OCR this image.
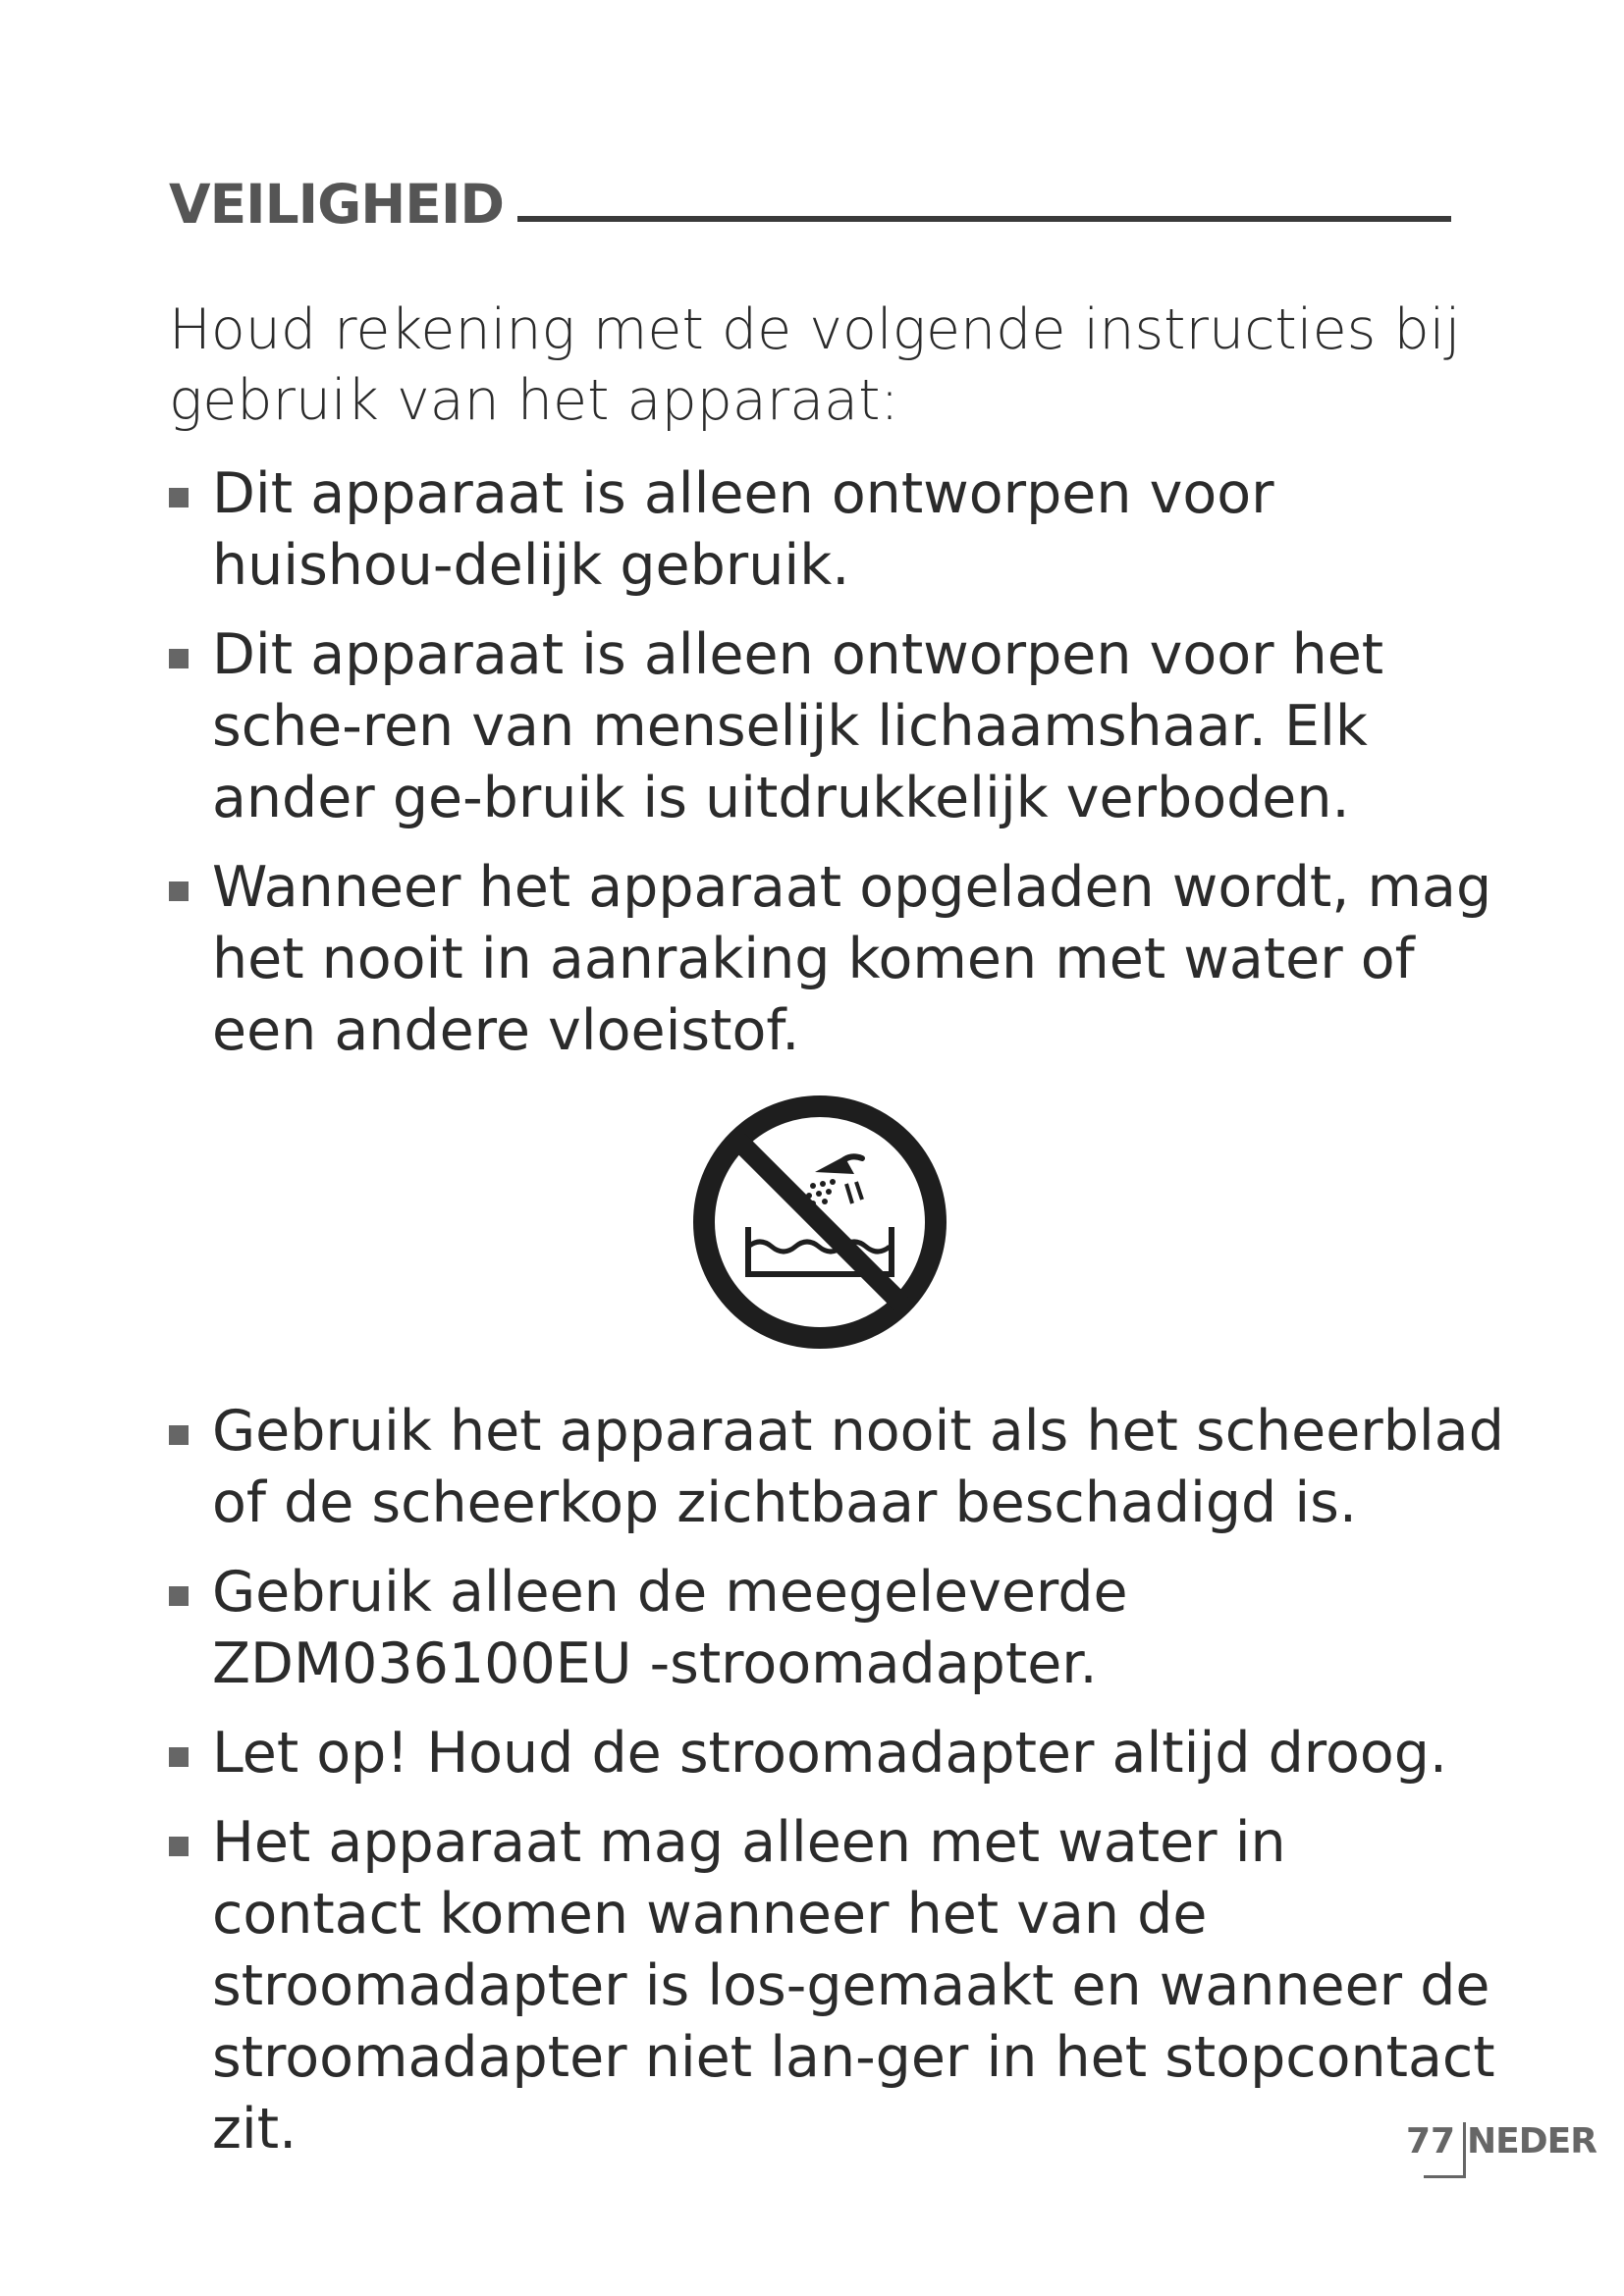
VEILIGHEID

Houd rekening met de volgende instructies bij gebruik van het apparaat:

Dit apparaat is alleen ontworpen voor huishou-delijk gebruik.
Dit apparaat is alleen ontworpen voor het sche-ren van menselijk lichaamshaar. Elk ander ge-bruik is uitdrukkelijk verboden.
Wanneer het apparaat opgeladen wordt, mag het nooit in aanraking komen met water of een andere vloeistof.
Gebruik het apparaat nooit als het scheerblad of de scheerkop zichtbaar beschadigd is.
Gebruik alleen de meegeleverde ZDM036100EU -stroomadapter.
Let op! Houd de stroomadapter altijd droog.
Het apparaat mag alleen met water in contact komen wanneer het van de stroomadapter is los-gemaakt en wanneer de stroomadapter niet lan-ger in het stopcontact zit.	77 NEDER
